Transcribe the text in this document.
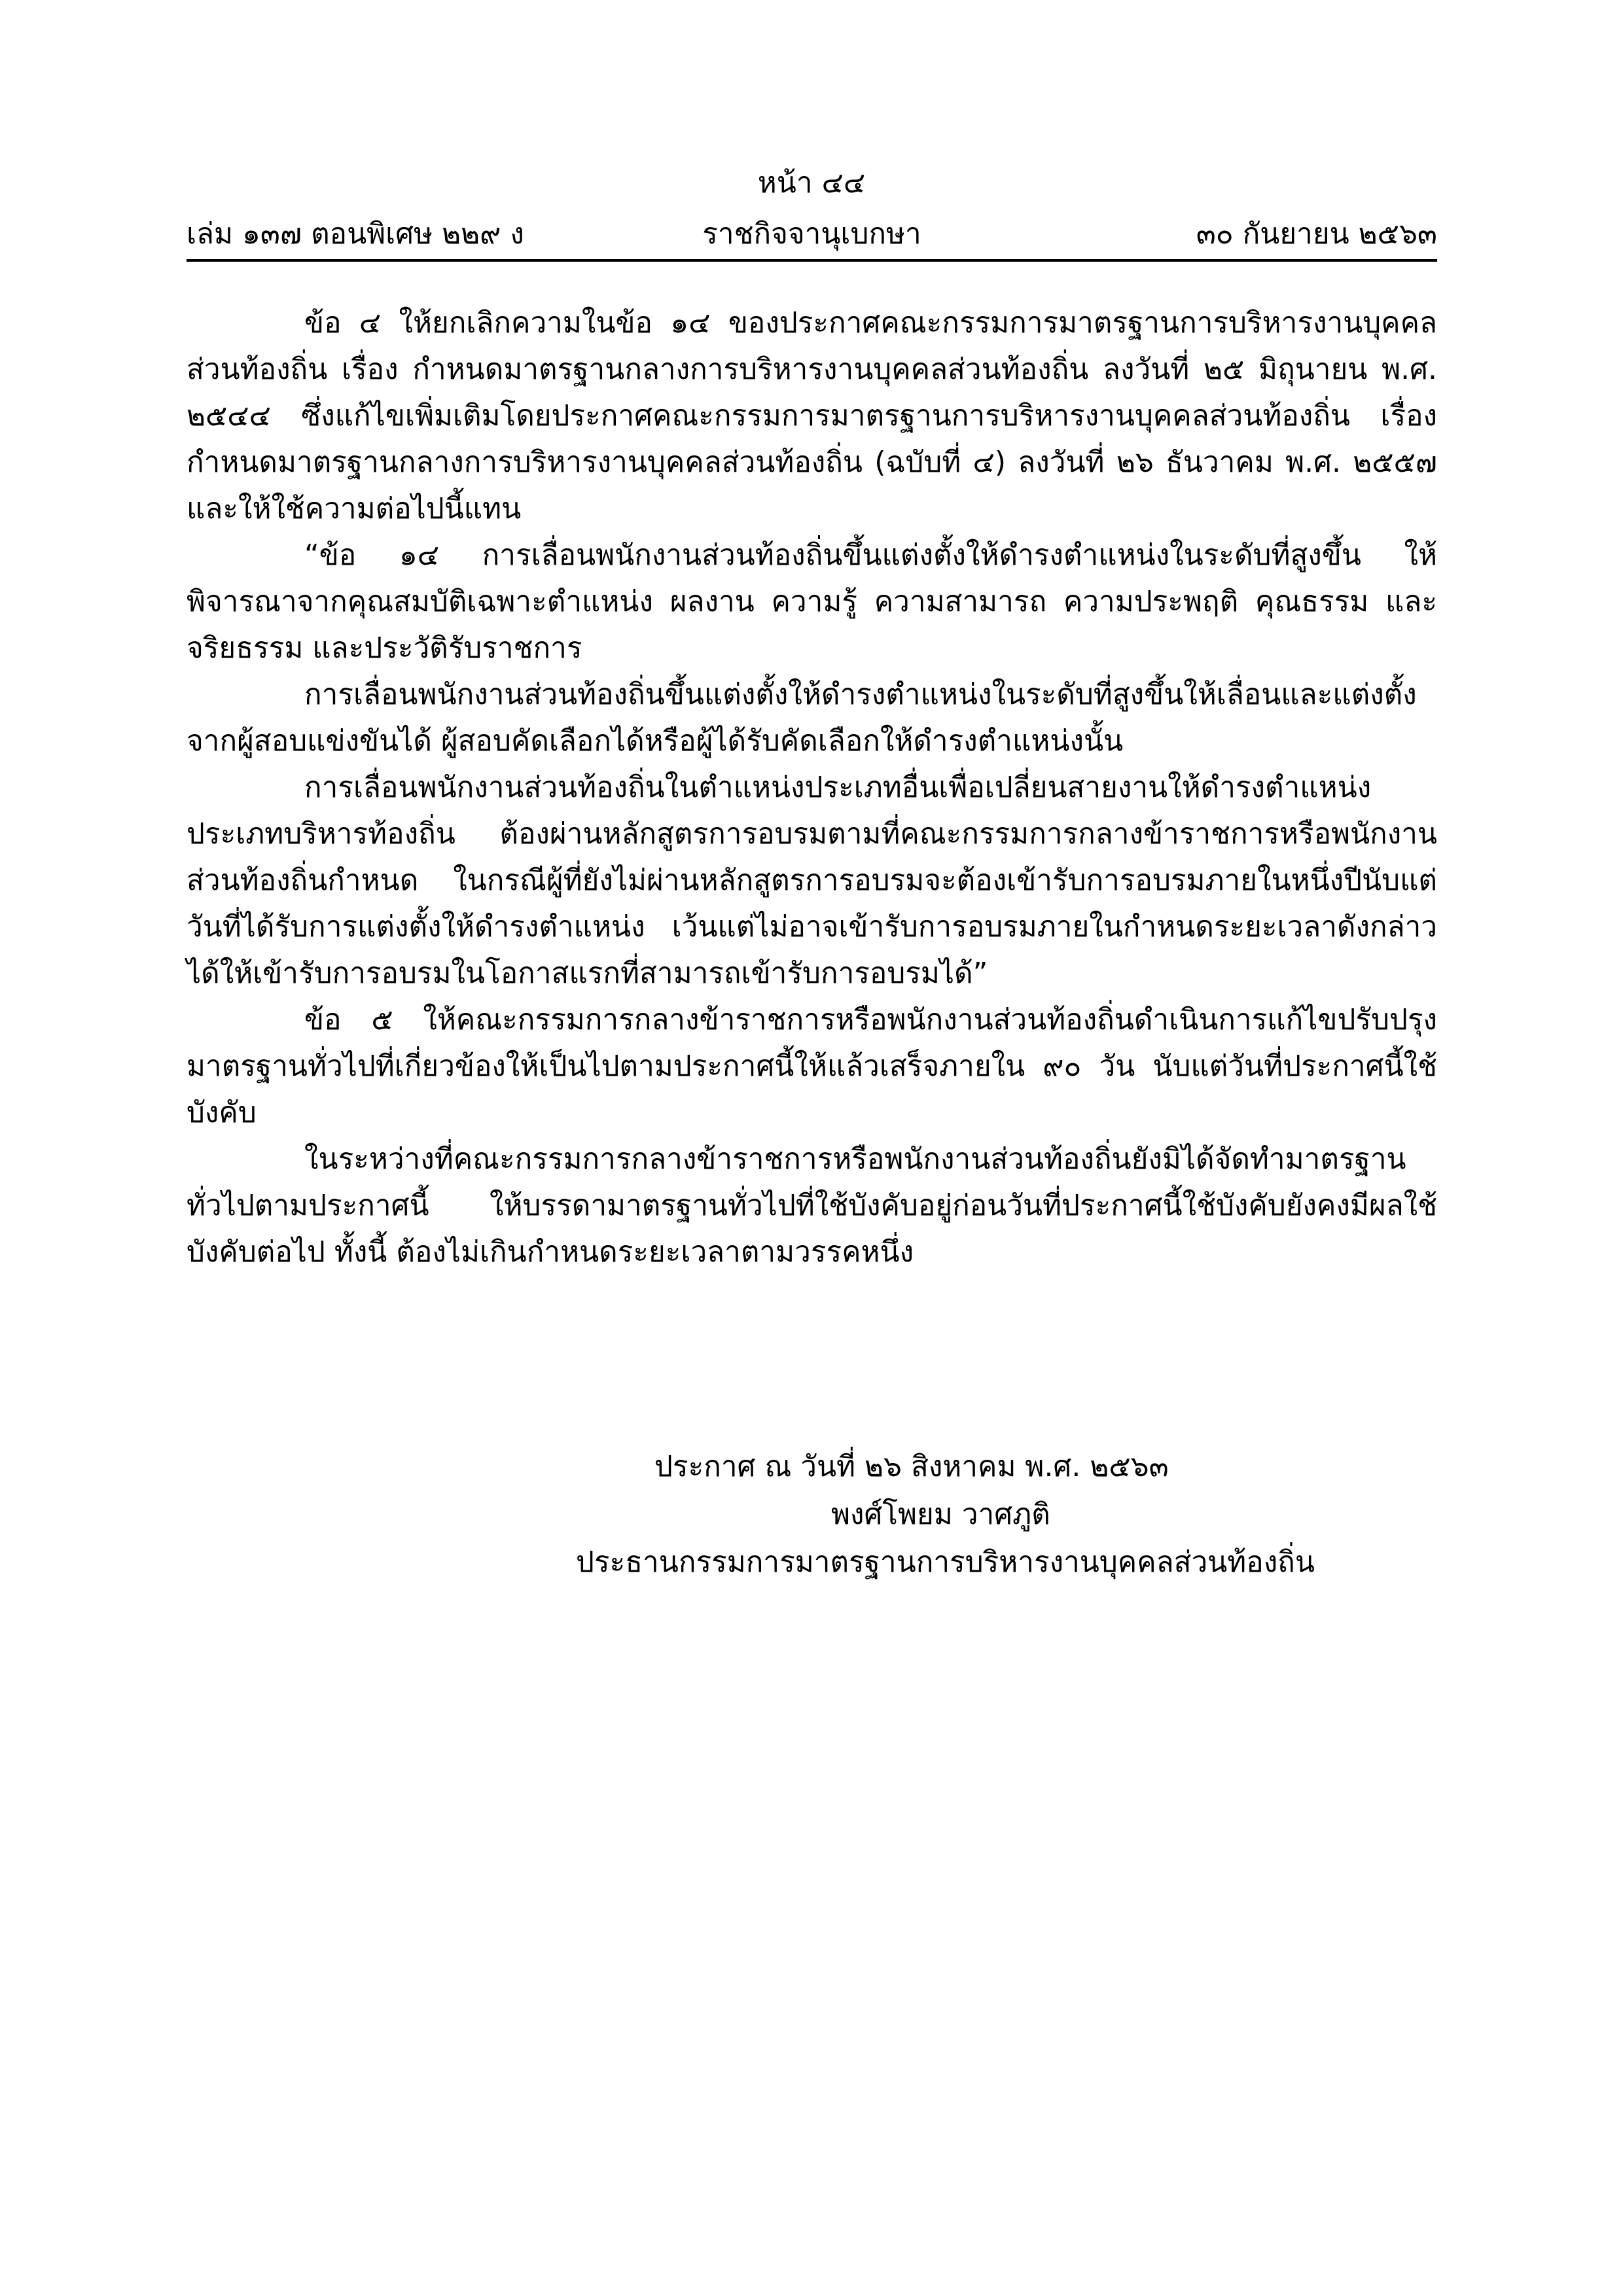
หน้า ๔๔
เล่ม ๑๓๗ ตอนพิเศษ ๒๒๙ ง	ราชกิจจานุเบกษา	๓๐ กันยายน ๒๕๖๓

ข้อ ๔ ให้ยกเลิกความในข้อ ๑๔ ของประกาศคณะกรรมการมาตรฐานการบริหารงานบุคคลส่วนท้องถิ่น เรื่อง กำหนดมาตรฐานกลางการบริหารงานบุคคลส่วนท้องถิ่น ลงวันที่ ๒๕ มิถุนายน พ.ศ. ๒๕๔๔ ซึ่งแก้ไขเพิ่มเติมโดยประกาศคณะกรรมการมาตรฐานการบริหารงานบุคคลส่วนท้องถิ่น เรื่อง กำหนดมาตรฐานกลางการบริหารงานบุคคลส่วนท้องถิ่น (ฉบับที่ ๔) ลงวันที่ ๒๖ ธันวาคม พ.ศ. ๒๕๕๗ และให้ใช้ความต่อไปนี้แทน

“ข้อ ๑๔ การเลื่อนพนักงานส่วนท้องถิ่นขึ้นแต่งตั้งให้ดำรงตำแหน่งในระดับที่สูงขึ้น ให้พิจารณาจากคุณสมบัติเฉพาะตำแหน่ง ผลงาน ความรู้ ความสามารถ ความประพฤติ คุณธรรม และจริยธรรม และประวัติรับราชการ

การเลื่อนพนักงานส่วนท้องถิ่นขึ้นแต่งตั้งให้ดำรงตำแหน่งในระดับที่สูงขึ้นให้เลื่อนและแต่งตั้งจากผู้สอบแข่งขันได้ ผู้สอบคัดเลือกได้หรือผู้ได้รับคัดเลือกให้ดำรงตำแหน่งนั้น

การเลื่อนพนักงานส่วนท้องถิ่นในตำแหน่งประเภทอื่นเพื่อเปลี่ยนสายงานให้ดำรงตำแหน่งประเภทบริหารท้องถิ่น ต้องผ่านหลักสูตรการอบรมตามที่คณะกรรมการกลางข้าราชการหรือพนักงานส่วนท้องถิ่นกำหนด ในกรณีผู้ที่ยังไม่ผ่านหลักสูตรการอบรมจะต้องเข้ารับการอบรมภายในหนึ่งปีนับแต่วันที่ได้รับการแต่งตั้งให้ดำรงตำแหน่ง เว้นแต่ไม่อาจเข้ารับการอบรมภายในกำหนดระยะเวลาดังกล่าวได้ให้เข้ารับการอบรมในโอกาสแรกที่สามารถเข้ารับการอบรมได้”

ข้อ ๕ ให้คณะกรรมการกลางข้าราชการหรือพนักงานส่วนท้องถิ่นดำเนินการแก้ไขปรับปรุงมาตรฐานทั่วไปที่เกี่ยวข้องให้เป็นไปตามประกาศนี้ให้แล้วเสร็จภายใน ๙๐ วัน นับแต่วันที่ประกาศนี้ใช้บังคับ

ในระหว่างที่คณะกรรมการกลางข้าราชการหรือพนักงานส่วนท้องถิ่นยังมิได้จัดทำมาตรฐานทั่วไปตามประกาศนี้ ให้บรรดามาตรฐานทั่วไปที่ใช้บังคับอยู่ก่อนวันที่ประกาศนี้ใช้บังคับยังคงมีผลใช้บังคับต่อไป ทั้งนี้ ต้องไม่เกินกำหนดระยะเวลาตามวรรคหนึ่ง

ประกาศ ณ วันที่ ๒๖ สิงหาคม พ.ศ. ๒๕๖๓
พงศ์โพยม วาศภูติ
ประธานกรรมการมาตรฐานการบริหารงานบุคคลส่วนท้องถิ่น
